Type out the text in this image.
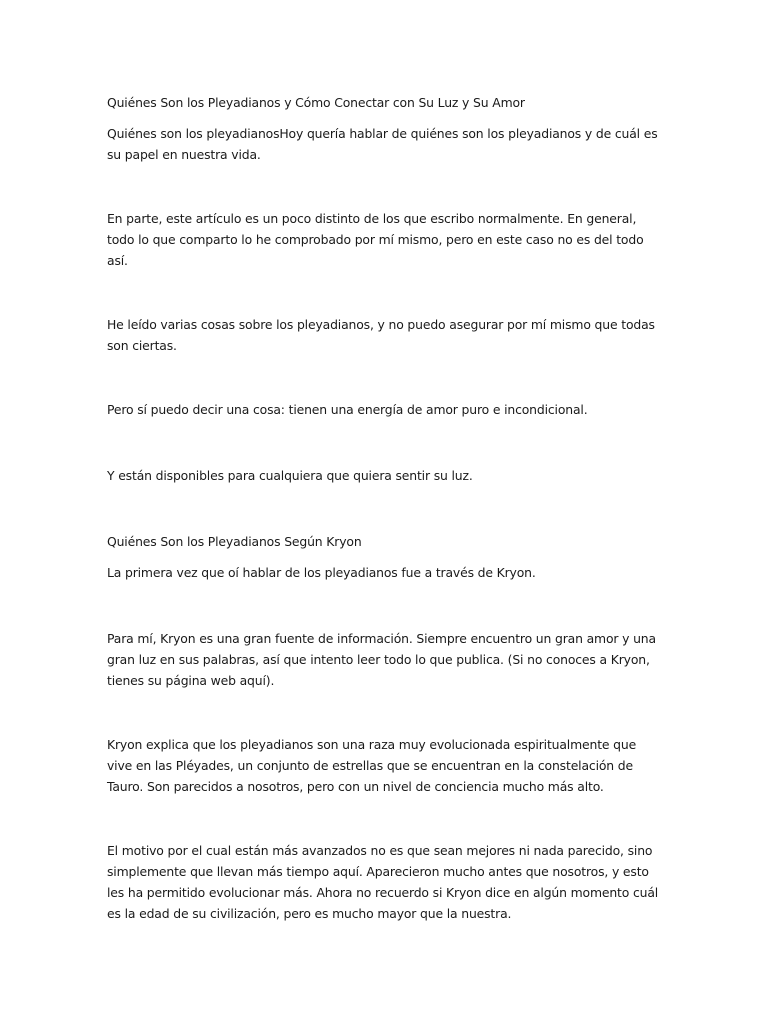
Quiénes Son los Pleyadianos y Cómo Conectar con Su Luz y Su Amor

Quiénes son los pleyadianosHoy quería hablar de quiénes son los pleyadianos y de cuál es su papel en nuestra vida.

En parte, este artículo es un poco distinto de los que escribo normalmente. En general, todo lo que comparto lo he comprobado por mí mismo, pero en este caso no es del todo así.

He leído varias cosas sobre los pleyadianos, y no puedo asegurar por mí mismo que todas son ciertas.

Pero sí puedo decir una cosa: tienen una energía de amor puro e incondicional.

Y están disponibles para cualquiera que quiera sentir su luz.

Quiénes Son los Pleyadianos Según Kryon

La primera vez que oí hablar de los pleyadianos fue a través de Kryon.

Para mí, Kryon es una gran fuente de información. Siempre encuentro un gran amor y una gran luz en sus palabras, así que intento leer todo lo que publica. (Si no conoces a Kryon, tienes su página web aquí).

Kryon explica que los pleyadianos son una raza muy evolucionada espiritualmente que vive en las Pléyades, un conjunto de estrellas que se encuentran en la constelación de Tauro. Son parecidos a nosotros, pero con un nivel de conciencia mucho más alto.

El motivo por el cual están más avanzados no es que sean mejores ni nada parecido, sino simplemente que llevan más tiempo aquí. Aparecieron mucho antes que nosotros, y esto les ha permitido evolucionar más. Ahora no recuerdo si Kryon dice en algún momento cuál es la edad de su civilización, pero es mucho mayor que la nuestra.
